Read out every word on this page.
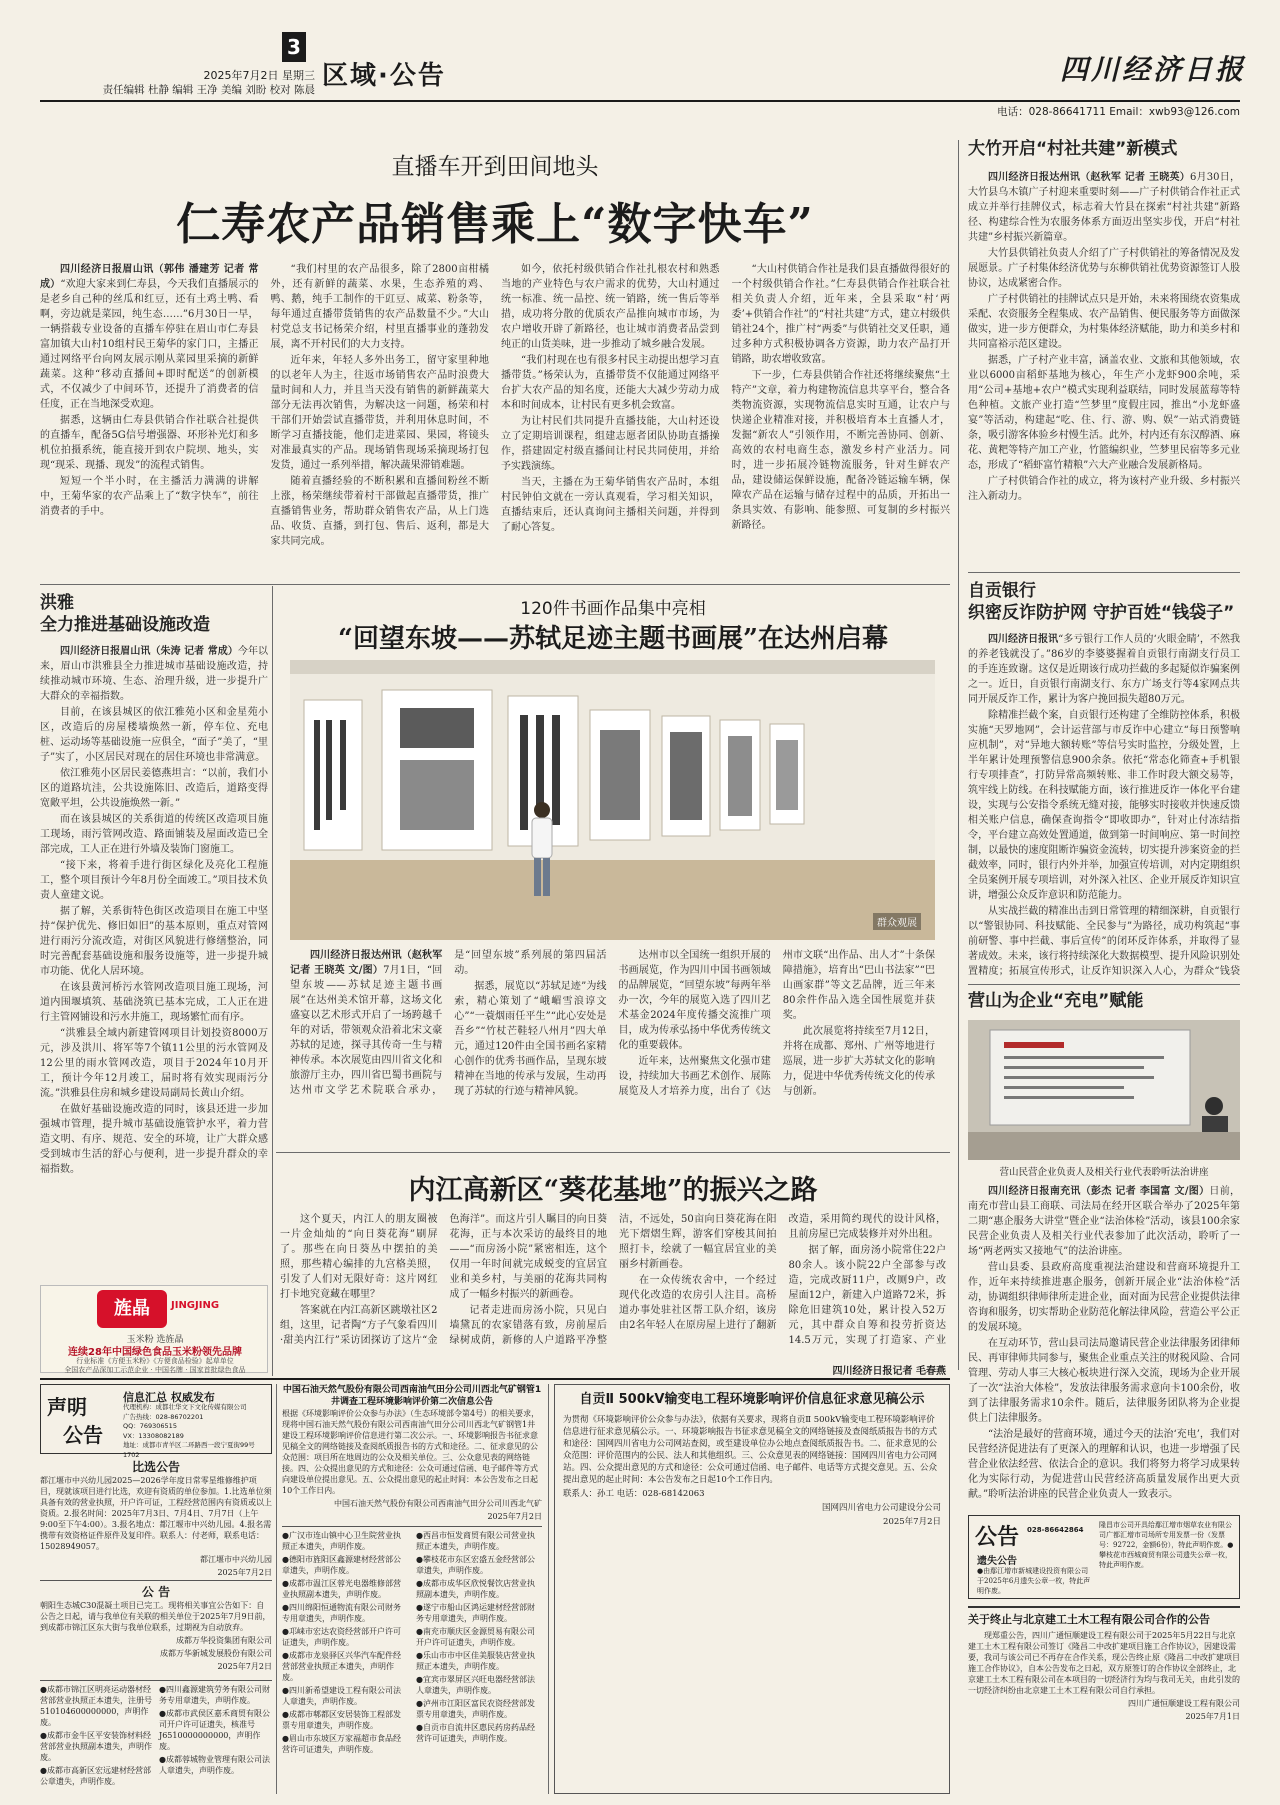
3
2025年7月2日 星期三
责任编辑 杜静 编辑 王净 美编 刘盼 校对 陈晨 区域·公告	四川经济日报
电话：028-86641711 Email：xwb93@126.com
直播车开到田间地头
仁寿农产品销售乘上“数字快车”

四川经济日报眉山讯（郭伟 潘建芳 记者 常成）“欢迎大家来到仁寿县，今天我们直播展示的是老乡自己种的丝瓜和红豆，还有土鸡土鸭、看啊，旁边就是菜园，纯生态……”6月30日一早，一辆搭载专业设备的直播车停驻在眉山市仁寿县富加镇大山村10组村民王菊华的家门口，主播正通过网络平台向网友展示刚从菜园里采摘的新鲜蔬菜。这种“移动直播间+即时配送”的创新模式，不仅减少了中间环节，还提升了消费者的信任度，正在当地深受欢迎。

据悉，这辆由仁寿县供销合作社联合社提供的直播车，配备5G信号增强器、环形补光灯和多机位拍摄系统，能直接开到农户院坝、地头，实现“现采、现播、现发”的流程式销售。

短短一个半小时，在主播活力满满的讲解中，王菊华家的农产品乘上了“数字快车”，前往消费者的手中。

“我们村里的农产品很多，除了2800亩柑橘外，还有新鲜的蔬菜、水果，生态养殖的鸡、鸭、鹅，纯手工制作的干豇豆、咸菜、粉条等，每年通过直播带货销售的农产品数量不少。”大山村党总支书记杨荣介绍，村里直播事业的蓬勃发展，离不开村民们的大力支持。

近年来，年轻人多外出务工，留守家里种地的以老年人为主，往返市场销售农产品时浪费大量时间和人力，并且当天没有销售的新鲜蔬菜大部分无法再次销售，为解决这一问题，杨荣和村干部们开始尝试直播带货，并利用休息时间，不断学习直播技能，他们走进菜园、果园，将镜头对准最真实的产品。现场销售现场采摘现场打包发货，通过一系列举措，解决蔬果滞销难题。

随着直播经验的不断积累和直播间粉丝不断上涨，杨荣继续带着村干部做起直播带货，推广直播销售业务，帮助群众销售农产品，从上门选品、收货、直播，到打包、售后、返利，都是大家共同完成。

如今，依托村级供销合作社扎根农村和熟悉当地的产业特色与农户需求的优势，大山村通过统一标准、统一品控、统一销路，统一售后等举措，成功将分散的优质农产品推向城市市场，为农户增收开辟了新路径，也让城市消费者品尝到纯正的山货美味，进一步推动了城乡融合发展。

“我们村现在也有很多村民主动提出想学习直播带货。”杨荣认为，直播带货不仅能通过网络平台扩大农产品的知名度，还能大大减少劳动力成本和时间成本，让村民有更多机会致富。

为让村民们共同提升直播技能，大山村还设立了定期培训课程，组建志愿者团队协助直播操作，搭建固定村级直播间让村民共同使用，并给予实践演练。

当天，主播在为王菊华销售农产品时，本组村民钟伯文就在一旁认真观看，学习相关知识，直播结束后，还认真询问主播相关问题，并得到了耐心答复。

“大山村供销合作社是我们县直播做得很好的一个村级供销合作社。”仁寿县供销合作社联合社相关负责人介绍，近年来，全县采取“村‘两委’+供销合作社”的“村社共建”方式，建立村级供销社24个，推广村“两委”与供销社交叉任职，通过多种方式积极协调各方资源，助力农产品打开销路，助农增收致富。

下一步，仁寿县供销合作社还将继续聚焦“土特产”文章，着力构建物流信息共享平台，整合各类物流资源，实现物流信息实时互通，让农户与快递企业精准对接，并积极培育本土直播人才，发掘“新农人”引领作用，不断完善协同、创新、高效的农村电商生态，激发乡村产业活力。同时，进一步拓展冷链物流服务，针对生鲜农产品，建设储运保鲜设施，配备冷链运输车辆，保障农产品在运输与储存过程中的品质，开拓出一条具实效、有影响、能参照、可复制的乡村振兴新路径。

洪雅
全力推进基础设施改造

四川经济日报眉山讯（朱涛 记者 常成）今年以来，眉山市洪雅县全力推进城市基础设施改造，持续推动城市环境、生态、治理升级，进一步提升广大群众的幸福指数。

目前，在该县城区的依江雅苑小区和金星苑小区，改造后的房屋楼墙焕然一新，停车位、充电桩、运动场等基础设施一应俱全，“面子”美了，“里子”实了，小区居民对现在的居住环境也非常满意。

依江雅苑小区居民姜德燕坦言：“以前，我们小区的道路坑洼，公共设施陈旧、改造后，道路变得宽敞平坦，公共设施焕然一新。”

而在该县城区的关系街道的传统区改造项目施工现场，雨污管网改造、路面铺装及屋面改造已全部完成，工人正在进行外墙及装饰门窗施工。

“接下来，将着手进行街区绿化及亮化工程施工，整个项目预计今年8月份全面竣工。”项目技术负责人童建文说。

据了解，关系街特色街区改造项目在施工中坚持“保护优先、修旧如旧”的基本原则，重点对管网进行雨污分流改造，对街区风貌进行修缮整治，同时完善配套基础设施和服务设施等，进一步提升城市功能、优化人居环境。

在该县黄河桥污水管网改造项目施工现场，河道内围堰填筑、基础浇筑已基本完成，工人正在进行主管网铺设和污水井施工，现场繁忙而有序。

“洪雅县全域内新建管网项目计划投资8000万元，涉及洪川、将军等7个镇11公里的污水管网及12公里的雨水管网改造，项目于2024年10月开工，预计今年12月竣工，届时将有效实现雨污分流。”洪雅县住房和城乡建设局副局长黄山介绍。

在做好基础设施改造的同时，该县还进一步加强城市管理，提升城市基础设施管护水平，着力营造文明、有序、规范、安全的环境，让广大群众感受到城市生活的舒心与便利，进一步提升群众的幸福指数。

120件书画作品集中亮相
“回望东坡——苏轼足迹主题书画展”在达州启幕
群众观展

四川经济日报达州讯（赵秋军 记者 王晓英 文/图）7月1日，“回望东坡——苏轼足迹主题书画展”在达州美术馆开幕，这场文化盛宴以艺术形式开启了一场跨越千年的对话，带领观众沿着北宋文豪苏轼的足迹，探寻其传奇一生与精神传承。本次展览由四川省文化和旅游厅主办，四川省巴蜀书画院与达州市文学艺术院联合承办，是“回望东坡”系列展的第四届活动。

据悉，展览以“苏轼足迹”为线索，精心策划了“峨嵋雪浪谆文心”“一蓑烟雨任平生”“此心安处是吾乡”“竹杖芒鞋轻八州月”四大单元，通过120件由全国书画名家精心创作的优秀书画作品，呈现东坡精神在当地的传承与发展，生动再现了苏轼的行迹与精神风貌。

达州市以全国统一组织开展的书画展览，作为四川中国书画领域的品牌展览，“回望东坡”每两年举办一次，今年的展览入选了四川艺术基金2024年度传播交流推广项目，成为传承弘扬中华优秀传统文化的重要载体。

近年来，达州聚焦文化强市建设，持续加大书画艺术创作、展陈展览及人才培养力度，出台了《达州市文联“出作品、出人才”十条保障措施》，培育出“巴山书法家”“巴山画家群”等文艺品牌，近三年来80余件作品入选全国性展览并获奖。

此次展览将持续至7月12日，并将在成都、郑州、广州等地进行巡展，进一步扩大苏轼文化的影响力，促进中华优秀传统文化的传承与创新。

内江高新区“葵花基地”的振兴之路

这个夏天，内江人的朋友圈被一片金灿灿的“向日葵花海”刷屏了。那些在向日葵丛中摆拍的美照，那些精心编排的九宫格美照，引发了人们对无限好奇：这片网红打卡地究竟藏在哪里？

答案就在内江高新区跳墩社区2组，这里，记者陶“方子气象看四川·甜美内江行”采访团探访了这片“金色海洋”。而这片引人瞩目的向日葵花海，正与本次采访的最终目的地——“而房汤小院”紧密相连，这个仅用一年时间就完成蜕变的宜居宜业和美乡村，与美丽的花海共同构成了一幅乡村振兴的新画卷。

记者走进而房汤小院，只见白墙黛瓦的农家错落有致，房前屋后绿树成荫，新修的人户道路平净整洁，不远处，50亩向日葵花海在阳光下熠熠生辉，游客们穿梭其间拍照打卡，绘就了一幅宜居宜业的美丽乡村新画卷。

在一众传统农舍中，一个经过现代化改造的农房引人注目。高桥道办事处驻社区帮工队介绍，该房由2名年轻人在原房屋上进行了翻新改造，采用简约现代的设计风格，且前房屋已完成装修并对外出租。

据了解，面房汤小院常住22户80余人。该小院22户全部参与改造，完成改厨11户，改厕9户，改屋面12户，新建入户道路72米，拆除危旧建筑10处，累计投入52万元，其中群众自筹和投劳折资达14.5万元，实现了打造家、产业

四川经济日报记者 毛春燕
旌晶	JINGJING
玉米粉 选旌晶
连续28年中国绿色食品玉米粉领先品牌
行业标准《方便玉米粉》《方便食品检验》起草单位
全国农产品深加工示范企业 · 中国名牌 · 国家首批绿色食品
大竹开启“村社共建”新模式

四川经济日报达州讯（赵秋军 记者 王晓英）6月30日，大竹县乌木镇广子村迎来重要时刻——广子村供销合作社正式成立并举行挂牌仪式，标志着大竹县在探索“村社共建”新路径、构建综合性为农服务体系方面迈出坚实步伐，开启“村社共建”乡村振兴新篇章。

大竹县供销社负责人介绍了广子村供销社的筹备情况及发展愿景。广子村集体经济优势与东柳供销社优势资源签订人股协议，达成紧密合作。

广子村供销社的挂牌试点只是开始，未来将围绕农资集成采配、农资服务全程集成、农产品销售、便民服务等方面做深做实，进一步方便群众，为村集体经济赋能，助力和美乡村和共同富裕示范区建设。

据悉，广子村产业丰富，涵盖农业、文旅和其他领域，农业以6000亩稻虾基地为核心，年生产小龙虾900余吨，采用“公司+基地+农户”模式实现利益联结，同时发展蓝莓等特色种植。文旅产业打造“竺梦里”度假庄园，推出“小龙虾盛宴”等活动，构建起“吃、住、行、游、购、娱”一站式消费链条，吸引游客体验乡村慢生活。此外，村内还有东汉醇酒、麻花、黄粑等特产加工产业，竹篮编织业，竺梦里民宿等多元业态，形成了“稻虾富竹精粮”六大产业融合发展新格局。

广子村供销合作社的成立，将为该村产业升级、乡村振兴注入新动力。

自贡银行
织密反诈防护网 守护百姓“钱袋子”

四川经济日报讯“多亏银行工作人员的‘火眼金睛’，不然我的养老钱就没了。”86岁的李婆婆握着自贡银行南湖支行员工的手连连致谢。这仅是近期该行成功拦截的多起疑似诈骗案例之一。近日，自贡银行南湖支行、东方广场支行等4家网点共同开展反诈工作，累计为客户挽回损失超80万元。

除精准拦截个案，自贡银行还构建了全维防控体系，积极实施“天罗地网”，会计运营部与市反诈中心建立“每日预警响应机制”，对“异地大额转账”等信号实时监控，分级处置，上半年累计处理预警信息900余条。依托“常态化筛查+手机银行专项排查”，打防异常高频转账、非工作时段大额交易等，筑牢线上防线。在科技赋能方面，该行推进反诈一体化平台建设，实现与公安指令系统无缝对接，能够实时接收并快速反馈相关账户信息，确保查询指令“即收即办”，针对止付冻结指令，平台建立高效处置通道，做到第一时间响应、第一时间控制，以最快的速度阻断诈骗资金流转，切实提升涉案资金的拦截效率，同时，银行内外并举，加强宣传培训，对内定期组织全员案例开展专项培训，对外深入社区、企业开展反诈知识宣讲，增强公众反诈意识和防范能力。

从实战拦截的精准出击到日常管理的精细深耕，自贡银行以“警银协同、科技赋能、全民参与”为路径，成功构筑起“事前研警、事中拦截、事后宣传”的闭环反诈体系，并取得了显著成效。未来，该行将持续深化大数据模型、提升风险识别处置精度；拓展宣传形式，让反诈知识深入人心，为群众“钱袋

营山为企业“充电”赋能
营山民营企业负责人及相关行业代表聆听法治讲座

四川经济日报南充讯（彭杰 记者 李国富 文/图）日前，南充市营山县工商联、司法局在经开区联合举办了2025年第二期“惠企服务大讲堂”暨企业“法治体检”活动，该县100余家民营企业负责人及相关行业代表参加了此次活动，聆听了一场“两老两实又接地气”的法治讲座。

营山县委、县政府高度重视法治建设和营商环境提升工作，近年来持续推进惠企服务，创新开展企业“法治体检”活动，协调组织律师律所走进企业，面对面为民营企业提供法律咨询和服务，切实帮助企业防范化解法律风险，营造公平公正的发展环境。

在互动环节，营山县司法局邀请民营企业法律服务团律师民、再审律师共同参与，聚焦企业重点关注的财税风险、合同管理、劳动人事三大核心板块进行深入交流，现场为企业开展了一次“法治大体检”，发放法律服务需求意向卡100余份，收到了法律服务需求10余件。随后，法律服务团队将为企业提供上门法律服务。

“法治是最好的营商环境，通过今天的法治‘充电’，我们对民营经济促进法有了更深入的理解和认识，也进一步增强了民营企业依法经营、依法合企的意识。我们将努力将学习成果转化为实际行动，为促进营山民营经济高质量发展作出更大贡献。”聆听法治讲座的民营企业负责人一致表示。

声明
公告
信息汇总 权威发布
代理机构：成都壮华文下文化传媒有限公司
广告热线：028-86702201
QQ：769306515
VX：13308082189
地址：成都市青羊区二环路西一段宁夏街99号1702
比选公告

都江堰市中兴幼儿园2025—2026学年度日常零星维修维护项目，现就该项目进行比选，欢迎有资质的单位参加。1.比选单位须具备有效的营业执照，开户许可证，工程经营范围内有资质或以上资质。2.报名时间：2025年7月3日、7月4日、7月7日（上午9:00至下午4:00）。3.报名地点：都江堰市中兴幼儿园。4.报名需携带有效资格证件原件及复印件。联系人：付老师，联系电话：15028949057。

都江堰市中兴幼儿园

2025年7月2日

公 告

朝阳生态城C30混凝土项目已完工。现将相关事宜公告如下：自公告之日起，请与我单位有关联的相关单位于2025年7月9日前，到成都市锦江区东大街与我单位联系，过期视为自动放弃。

成都万华投资集团有限公司

成都万华新城发展股份有限公司

2025年7月2日

●成都市锦江区明亮运动器材经营部营业执照正本遗失，注册号510104600000000，声明作废。

●成都市金牛区平安装饰材料经营部营业执照副本遗失，声明作废。

●成都市高新区宏远建材经营部公章遗失，声明作废。

●四川鑫源建筑劳务有限公司财务专用章遗失，声明作废。

●成都市武侯区嘉禾商贸有限公司开户许可证遗失，核准号J6510000000000，声明作废。

●成都蓉城物业管理有限公司法人章遗失，声明作废。

中国石油天然气股份有限公司西南油气田分公司川西北气矿钢管1井调查工程环境影响评价第二次信息公告

根据《环境影响评价公众参与办法》（生态环境部令第4号）的相关要求，现将中国石油天然气股份有限公司西南油气田分公司川西北气矿钢管1井建设工程环境影响评价信息进行第二次公示。一、环境影响报告书征求意见稿全文的网络链接及查阅纸质报告书的方式和途径。二、征求意见的公众范围：项目所在地周边的公众及相关单位。三、公众意见表的网络链接。四、公众提出意见的方式和途径：公众可通过信函、电子邮件等方式向建设单位提出意见。五、公众提出意见的起止时间：本公告发布之日起10个工作日内。

中国石油天然气股份有限公司西南油气田分公司川西北气矿

2025年7月2日

●广汉市连山镇中心卫生院营业执照正本遗失，声明作废。

●德阳市旌阳区鑫源建材经营部公章遗失，声明作废。

●成都市温江区蓉光电器维修部营业执照副本遗失，声明作废。

●四川绵阳恒通物流有限公司财务专用章遗失，声明作废。

●邛崃市宏达农资经营部开户许可证遗失，声明作废。

●成都市龙泉驿区兴华汽车配件经营部营业执照正本遗失，声明作废。

●四川新希望建设工程有限公司法人章遗失，声明作废。

●成都市郫都区安居装饰工程部发票专用章遗失，声明作废。

●眉山市东坡区万家福超市食品经营许可证遗失，声明作废。

●西昌市恒发商贸有限公司营业执照正本遗失，声明作废。

●攀枝花市东区宏盛五金经营部公章遗失，声明作废。

●成都市成华区欣悦餐饮店营业执照副本遗失，声明作废。

●遂宁市船山区鸿运建材经营部财务专用章遗失，声明作废。

●南充市顺庆区金源贸易有限公司开户许可证遗失，声明作废。

●乐山市市中区佳美服装店营业执照正本遗失，声明作废。

●宜宾市翠屏区兴旺电器经营部法人章遗失，声明作废。

●泸州市江阳区富民农资经营部发票专用章遗失，声明作废。

●自贡市自流井区惠民药房药品经营许可证遗失，声明作废。

自贡Ⅱ 500kV输变电工程环境影响评价信息征求意见稿公示

为贯彻《环境影响评价公众参与办法》，依据有关要求，现将自贡Ⅱ 500kV输变电工程环境影响评价信息进行征求意见稿公示。一、环境影响报告书征求意见稿全文的网络链接及查阅纸质报告书的方式和途径：国网四川省电力公司网站查阅，或至建设单位办公地点查阅纸质报告书。二、征求意见的公众范围：评价范围内的公民、法人和其他组织。三、公众意见表的网络链接：国网四川省电力公司网站。四、公众提出意见的方式和途径：公众可通过信函、电子邮件、电话等方式提交意见。五、公众提出意见的起止时间：本公告发布之日起10个工作日内。

联系人：孙工 电话：028-68142063

国网四川省电力公司建设分公司

2025年7月2日

公告 028-86642864
遗失公告
●由鄢江增市新城建设投资有限公司于2025年6月遗失公章一枚，特此声明作废。
隆昌市公司开具给鄢江增市烟草农业有限公司广都汇增市司场所专用发票一份（发票号：92722，金额6份），特此声明作废。●攀枝花市西城商贸有限公司遗失公章一枚，特此声明作废。
关于终止与北京建工土木工程有限公司合作的公告

现郑重公告，四川广通恒顺建设工程有限公司于2025年5月22日与北京建工土木工程有限公司签订《隆昌二中改扩建项目施工合作协议》，因建设需要，我司与该公司已不再存在合作关系，现公告终止原《隆昌二中改扩建项目施工合作协议》，自本公告发布之日起，双方原签订的合作协议全部终止，北京建工土木工程有限公司在本项目的一切经济行为均与我司无关，由此引发的一切经济纠纷由北京建工土木工程有限公司自行承担。

四川广通恒顺建设工程有限公司

2025年7月1日
